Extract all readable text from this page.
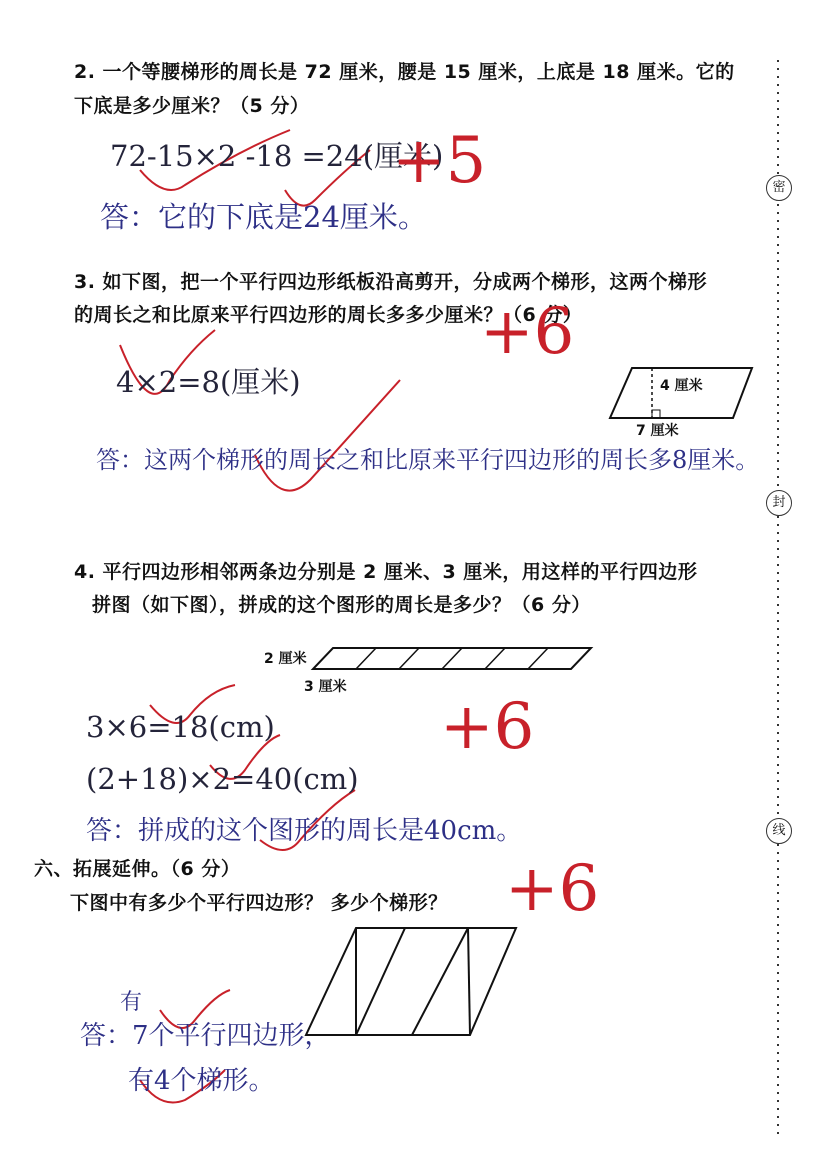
密
封
线
2. 一个等腰梯形的周长是 72 厘米，腰是 15 厘米，上底是 18 厘米。它的
下底是多少厘米？（5 分）
72-15×2 -18 =24(厘米)
答：它的下底是24厘米。
+5
3. 如下图，把一个平行四边形纸板沿高剪开，分成两个梯形，这两个梯形
的周长之和比原来平行四边形的周长多多少厘米？（6 分）
+6
4 厘米
7 厘米
4×2=8(厘米)
答：这两个梯形的周长之和比原来平行四边形的周长多8厘米。
4. 平行四边形相邻两条边分别是 2 厘米、3 厘米，用这样的平行四边形
拼图（如下图），拼成的这个图形的周长是多少？（6 分）
2 厘米
3 厘米
3×6=18(cm)
(2+18)×2=40(cm)
答：拼成的这个图形的周长是40cm。
+6
六、拓展延伸。（6 分）
下图中有多少个平行四边形？ 多少个梯形？ +6
有
答：7个平行四边形，
有4个梯形。
